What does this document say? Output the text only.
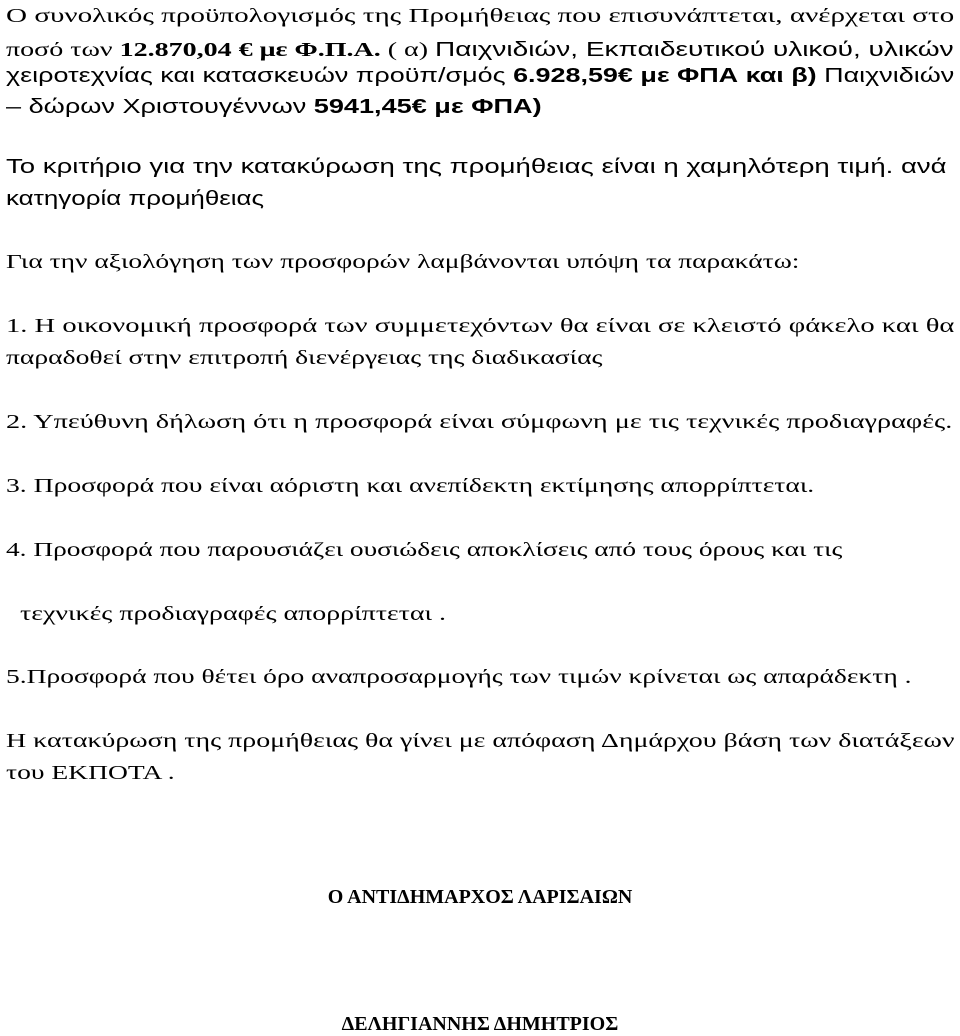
Ο συνολικός προϋπολογισμός της Προμήθειας που επισυνάπτεται, ανέρχεται στο
ποσό των 12.870,04 € με Φ.Π.Α. ( α) Παιχνιδιών, Εκπαιδευτικού υλικού, υλικών
χειροτεχνίας και κατασκευών προϋπ/σμός 6.928,59€ με ΦΠΑ και β) Παιχνιδιών
– δώρων Χριστουγέννων 5941,45€ με ΦΠΑ)
Το κριτήριο για την κατακύρωση της προμήθειας είναι η χαμηλότερη τιμή. ανά
κατηγορία προμήθειας
Για την αξιολόγηση των προσφορών λαμβάνονται υπόψη τα παρακάτω:
1. Η οικονομική προσφορά των συμμετεχόντων θα είναι σε κλειστό φάκελο και θα
παραδοθεί στην επιτροπή διενέργειας της διαδικασίας
2. Υπεύθυνη δήλωση ότι η προσφορά είναι σύμφωνη με τις τεχνικές προδιαγραφές.
3. Προσφορά που είναι αόριστη και ανεπίδεκτη εκτίμησης απορρίπτεται.
4. Προσφορά που παρουσιάζει ουσιώδεις αποκλίσεις από τους όρους και τις
τεχνικές προδιαγραφές απορρίπτεται .
5.Προσφορά που θέτει όρο αναπροσαρμογής των τιμών κρίνεται ως απαράδεκτη .
Η κατακύρωση της προμήθειας θα γίνει με απόφαση Δημάρχου βάση των διατάξεων
του ΕΚΠΟΤΑ .
Ο ΑΝΤΙΔΗΜΑΡΧΟΣ ΛΑΡΙΣΑΙΩΝ
ΔΕΛΗΓΙΑΝΝΗΣ ΔΗΜΗΤΡΙΟΣ
